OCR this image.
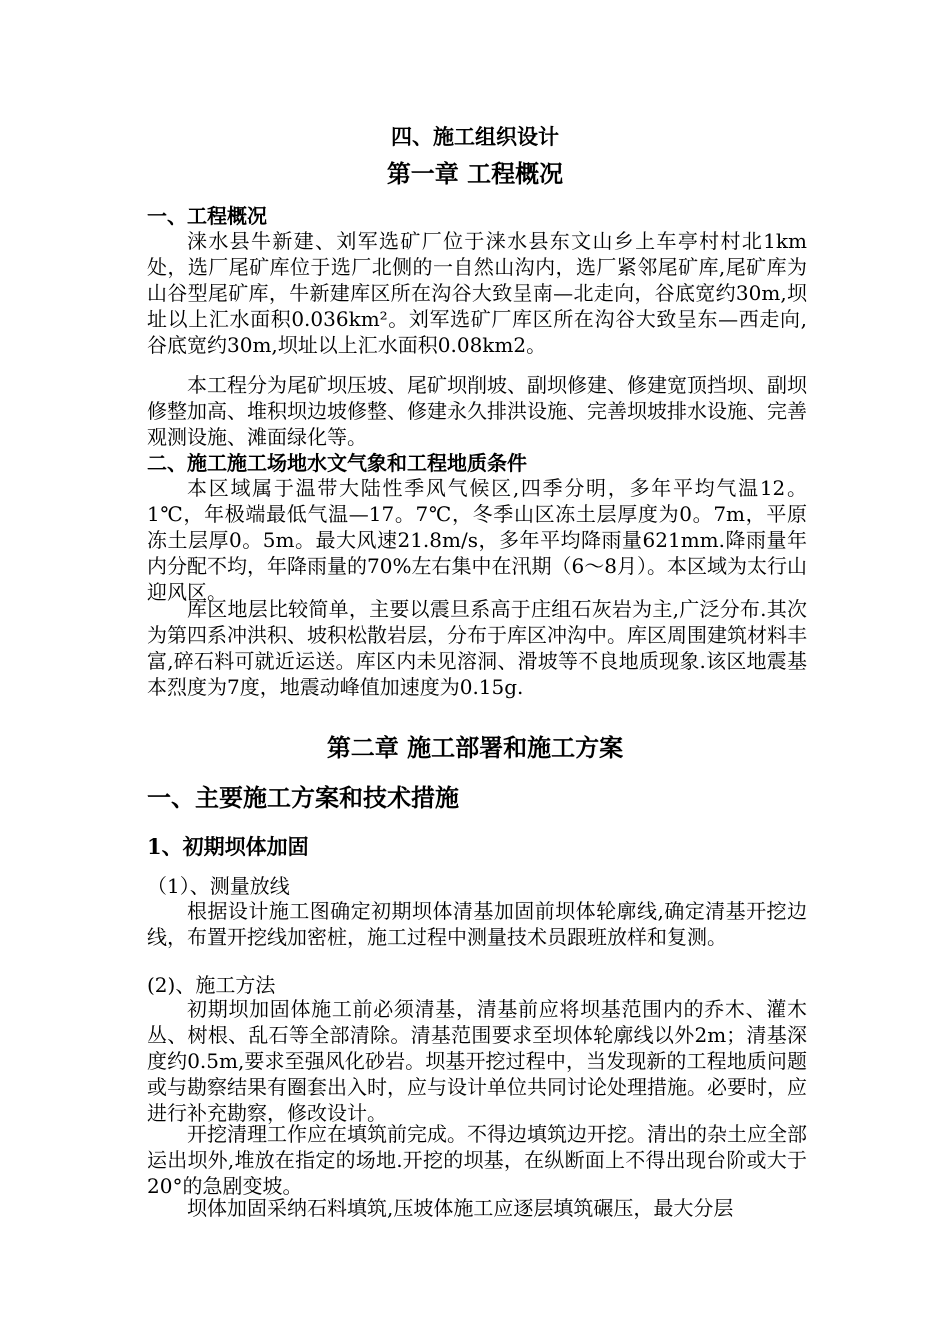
四、施工组织设计
第一章 工程概况
一、工程概况
涞水县牛新建、刘军选矿厂位于涞水县东文山乡上车亭村村北1km处，选厂尾矿库位于选厂北侧的一自然山沟内，选厂紧邻尾矿库,尾矿库为山谷型尾矿库，牛新建库区所在沟谷大致呈南—北走向，谷底宽约30m,坝址以上汇水面积0.036km²。刘军选矿厂库区所在沟谷大致呈东—西走向,谷底宽约30m,坝址以上汇水面积0.08km2。
本工程分为尾矿坝压坡、尾矿坝削坡、副坝修建、修建宽顶挡坝、副坝修整加高、堆积坝边坡修整、修建永久排洪设施、完善坝坡排水设施、完善观测设施、滩面绿化等。
二、施工施工场地水文气象和工程地质条件
本区域属于温带大陆性季风气候区,四季分明，多年平均气温12。1℃，年极端最低气温—17。7℃，冬季山区冻土层厚度为0。7m，平原冻土层厚0。5m。最大风速21.8m/s，多年平均降雨量621mm.降雨量年内分配不均，年降雨量的70%左右集中在汛期（6～8月）。本区域为太行山迎风区。
库区地层比较简单，主要以震旦系高于庄组石灰岩为主,广泛分布.其次为第四系冲洪积、坡积松散岩层，分布于库区冲沟中。库区周围建筑材料丰富,碎石料可就近运送。库区内未见溶洞、滑坡等不良地质现象.该区地震基本烈度为7度，地震动峰值加速度为0.15g.
第二章 施工部署和施工方案
一、主要施工方案和技术措施
1、初期坝体加固
（1）、测量放线
根据设计施工图确定初期坝体清基加固前坝体轮廓线,确定清基开挖边线，布置开挖线加密桩，施工过程中测量技术员跟班放样和复测。
(2)、施工方法
初期坝加固体施工前必须清基，清基前应将坝基范围内的乔木、灌木丛、树根、乱石等全部清除。清基范围要求至坝体轮廓线以外2m；清基深度约0.5m,要求至强风化砂岩。坝基开挖过程中，当发现新的工程地质问题或与勘察结果有圈套出入时，应与设计单位共同讨论处理措施。必要时，应进行补充勘察，修改设计。
开挖清理工作应在填筑前完成。不得边填筑边开挖。清出的杂土应全部运出坝外,堆放在指定的场地.开挖的坝基，在纵断面上不得出现台阶或大于20°的急剧变坡。
坝体加固采纳石料填筑,压坡体施工应逐层填筑碾压，最大分层
